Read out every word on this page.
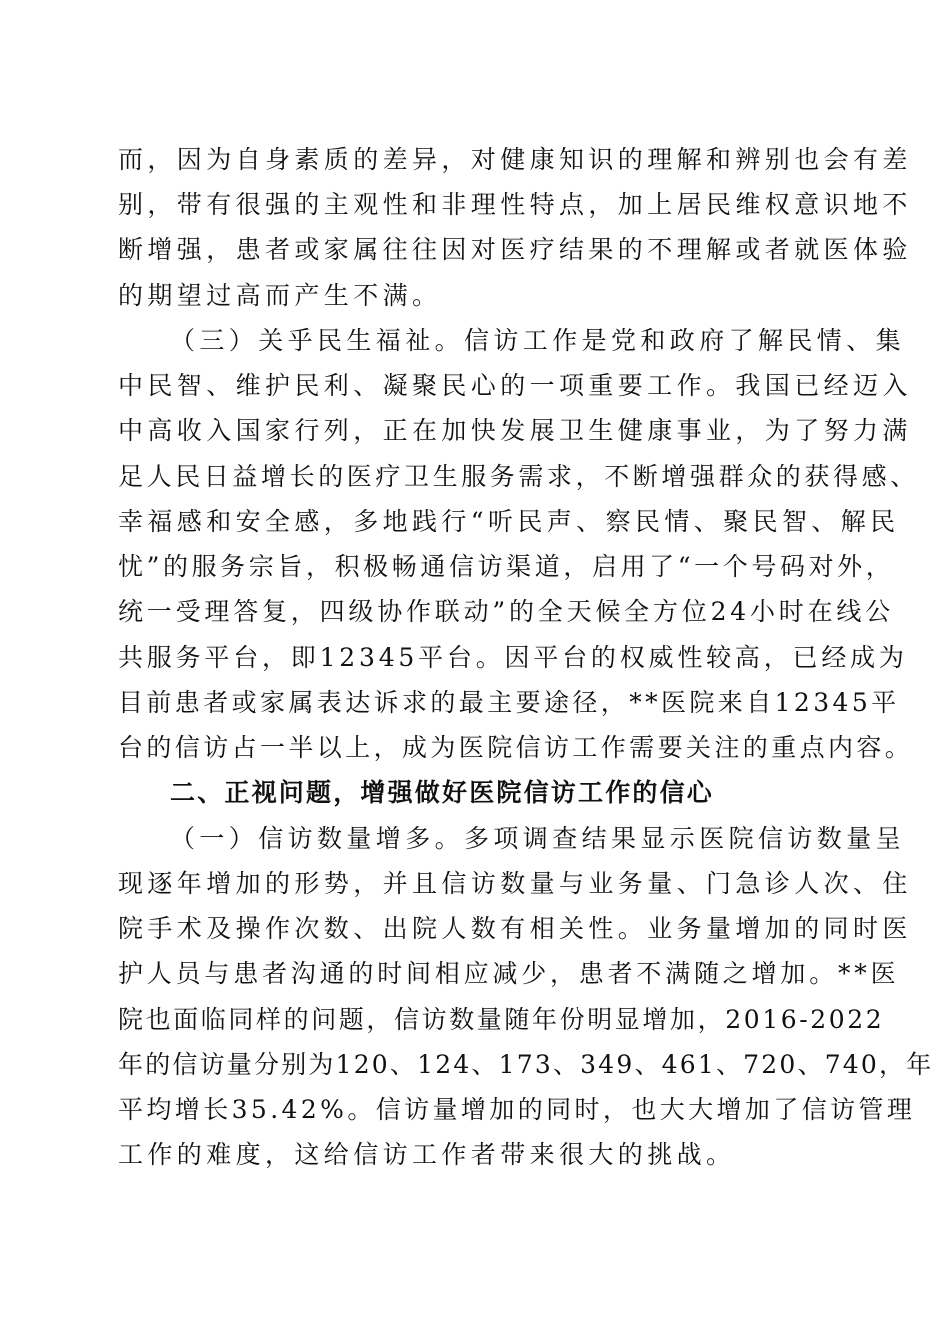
而，因为自身素质的差异，对健康知识的理解和辨别也会有差
别，带有很强的主观性和非理性特点，加上居民维权意识地不
断增强，患者或家属往往因对医疗结果的不理解或者就医体验
的期望过高而产生不满。
（三）关乎民生福祉。信访工作是党和政府了解民情、集
中民智、维护民利、凝聚民心的一项重要工作。我国已经迈入
中高收入国家行列，正在加快发展卫生健康事业，为了努力满
足人民日益增长的医疗卫生服务需求，不断增强群众的获得感、
幸福感和安全感，多地践行“听民声、察民情、聚民智、解民
忧”的服务宗旨，积极畅通信访渠道，启用了“一个号码对外，
统一受理答复，四级协作联动”的全天候全方位24小时在线公
共服务平台，即12345平台。因平台的权威性较高，已经成为
目前患者或家属表达诉求的最主要途径，**医院来自12345平
台的信访占一半以上，成为医院信访工作需要关注的重点内容。
二、正视问题，增强做好医院信访工作的信心
（一）信访数量增多。多项调查结果显示医院信访数量呈
现逐年增加的形势，并且信访数量与业务量、门急诊人次、住
院手术及操作次数、出院人数有相关性。业务量增加的同时医
护人员与患者沟通的时间相应减少，患者不满随之增加。**医
院也面临同样的问题，信访数量随年份明显增加，2016-2022
年的信访量分别为120、124、173、349、461、720、740，年
平均增长35.42%。信访量增加的同时，也大大增加了信访管理
工作的难度，这给信访工作者带来很大的挑战。
